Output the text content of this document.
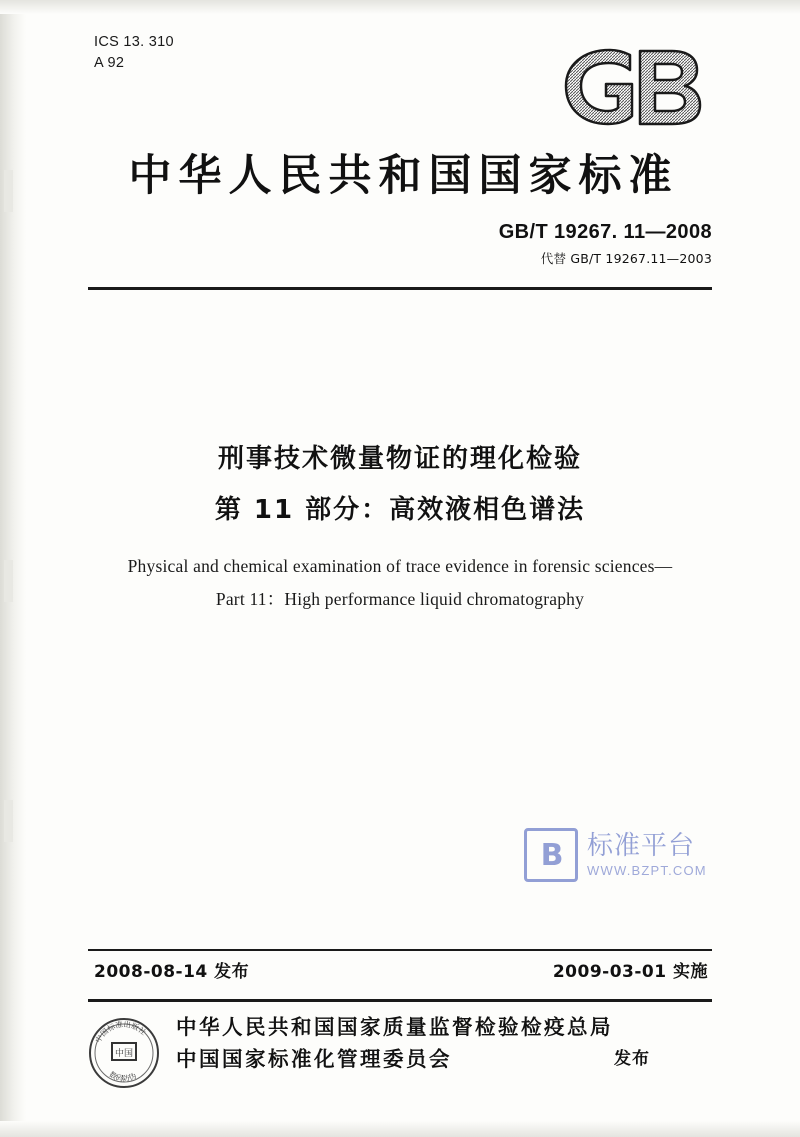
ICS 13. 310
A 92
中华人民共和国国家标准
GB/T 19267. 11—2008
代替 GB/T 19267.11—2003
刑事技术微量物证的理化检验
第 11 部分：高效液相色谱法
Physical and chemical examination of trace evidence in forensic sciences—
Part 11：High performance liquid chromatography
B 标准平台
WWW.BZPT.COM
2008-08-14 发布	2009-03-01 实施
中国
中国标准出版社
数码防伪
中华人民共和国国家质量监督检验检疫总局
中国国家标准化管理委员会	发布
